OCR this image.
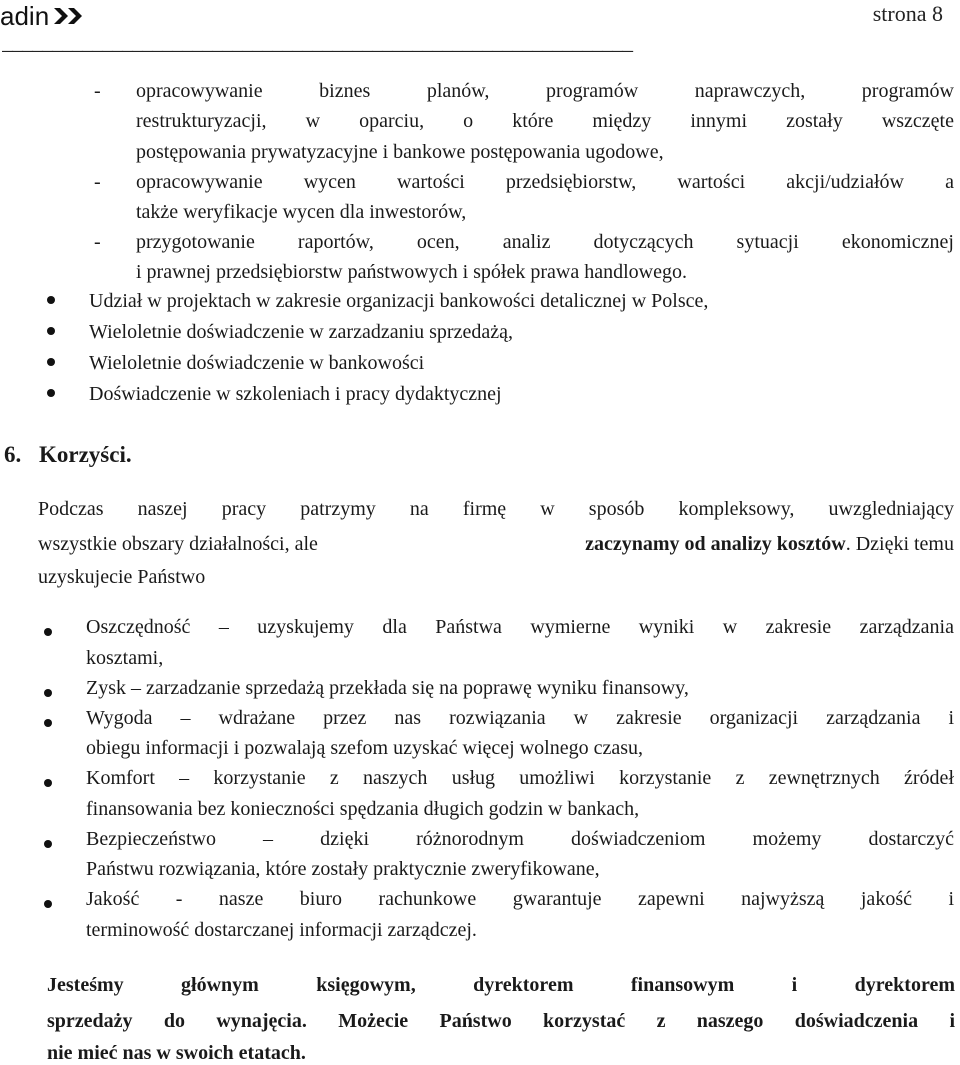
adin	strona 8
_______________________________________________________________
- opracowywanie biznes planów, programów naprawczych, programów
restrukturyzacji, w oparciu, o które między innymi zostały wszczęte
postępowania prywatyzacyjne i bankowe postępowania ugodowe,
- opracowywanie wycen wartości przedsiębiorstw, wartości akcji/udziałów a
także weryfikacje wycen dla inwestorów,
- przygotowanie raportów, ocen, analiz dotyczących sytuacji ekonomicznej
i prawnej przedsiębiorstw państwowych i spółek prawa handlowego.
Udział w projektach w zakresie organizacji bankowości detalicznej w Polsce,
Wieloletnie doświadczenie w zarzadzaniu sprzedażą,
Wieloletnie doświadczenie w bankowości
Doświadczenie w szkoleniach i pracy dydaktycznej
6. Korzyści.
Podczas naszej pracy patrzymy na firmę w sposób kompleksowy, uwzgledniający
wszystkie obszary działalności, ale	zaczynamy od analizy kosztów . Dzięki temu
uzyskujecie Państwo
Oszczędność – uzyskujemy dla Państwa wymierne wyniki w zakresie zarządzania
kosztami,
Zysk – zarzadzanie sprzedażą przekłada się na poprawę wyniku finansowy,
Wygoda – wdrażane przez nas rozwiązania w zakresie organizacji zarządzania i
obiegu informacji i pozwalają szefom uzyskać więcej wolnego czasu,
Komfort – korzystanie z naszych usług umożliwi korzystanie z zewnętrznych źródeł
finansowania bez konieczności spędzania długich godzin w bankach,
Bezpieczeństwo – dzięki różnorodnym doświadczeniom możemy dostarczyć
Państwu rozwiązania, które zostały praktycznie zweryfikowane,
Jakość - nasze biuro rachunkowe gwarantuje zapewni najwyższą jakość i
terminowość dostarczanej informacji zarządczej.
Jesteśmy głównym księgowym, dyrektorem finansowym i dyrektorem
sprzedaży do wynajęcia. Możecie Państwo korzystać z naszego doświadczenia i
nie mieć nas w swoich etatach.
